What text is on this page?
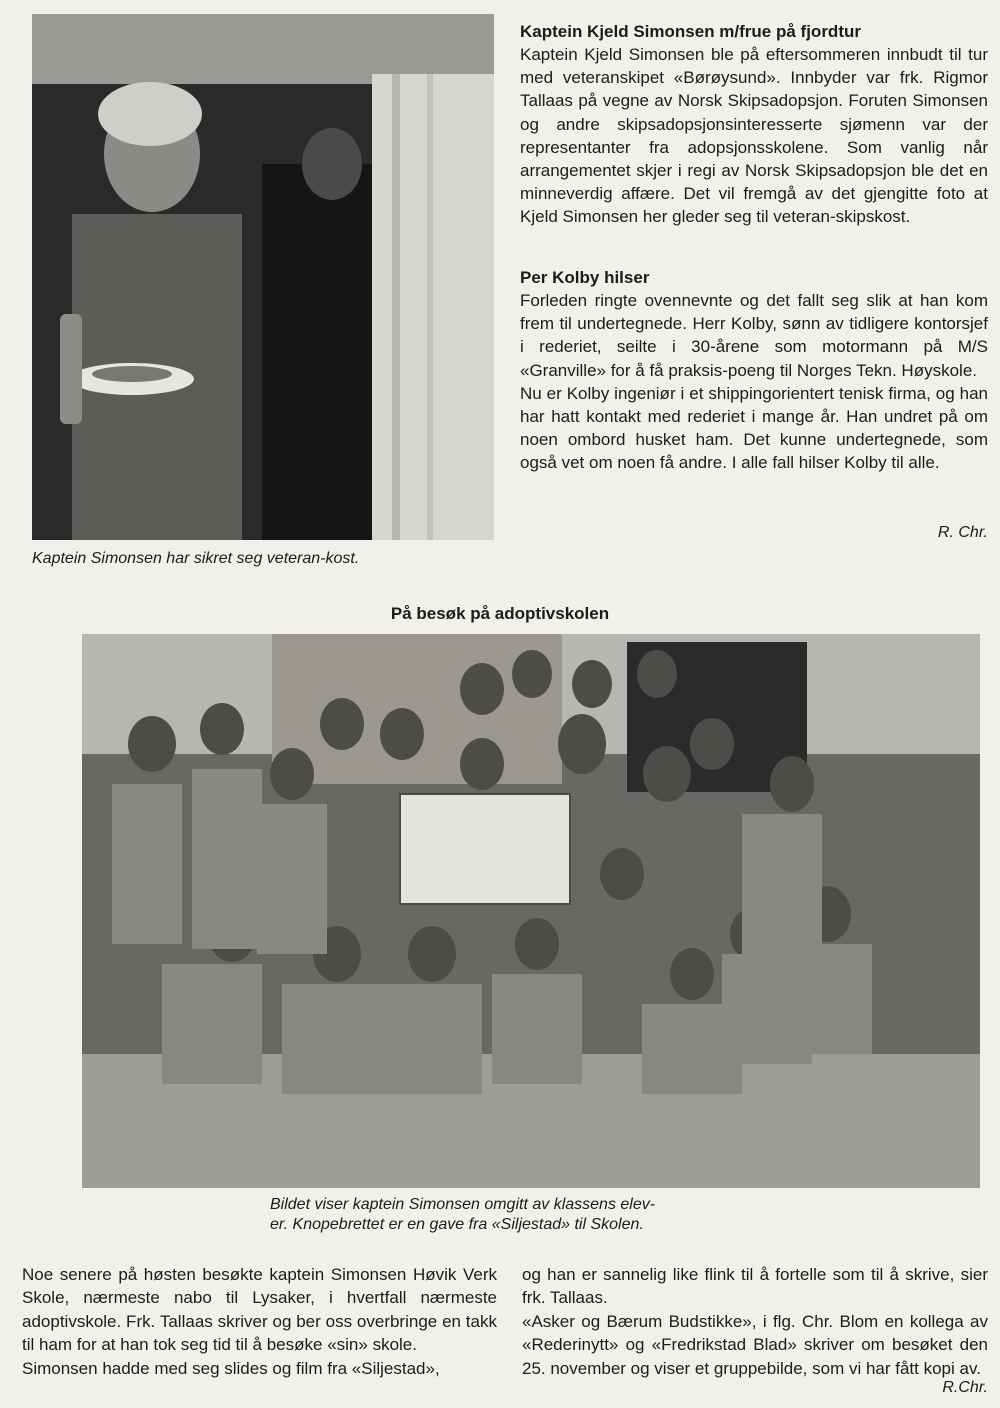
Kaptein Simonsen har sikret seg veteran-kost.
Kaptein Kjeld Simonsen m/frue på fjordtur

Kaptein Kjeld Simonsen ble på eftersommeren innbudt til tur med veteranskipet «Børøysund». Innbyder var frk. Rigmor Tallaas på vegne av Norsk Skipsadopsjon. Foruten Simonsen og andre skipsadopsjonsinteresserte sjømenn var der representanter fra adopsjonsskolene. Som vanlig når arrangementet skjer i regi av Norsk Skipsadopsjon ble det en minneverdig affære. Det vil fremgå av det gjengitte foto at Kjeld Simonsen her gleder seg til veteran-skipskost.

Per Kolby hilser

Forleden ringte ovennevnte og det fallt seg slik at han kom frem til undertegnede. Herr Kolby, sønn av tidligere kontorsjef i rederiet, seilte i 30-årene som motormann på M/S «Granville» for å få praksis-poeng til Norges Tekn. Høyskole.

Nu er Kolby ingeniør i et shippingorientert tenisk firma, og han har hatt kontakt med rederiet i mange år. Han undret på om noen ombord husket ham. Det kunne undertegnede, som også vet om noen få andre. I alle fall hilser Kolby til alle.

R. Chr.
På besøk på adoptivskolen
Bildet viser kaptein Simonsen omgitt av klassens elev-
er. Knopebrettet er en gave fra «Siljestad» til Skolen.

Noe senere på høsten besøkte kaptein Simonsen Høvik Verk Skole, nærmeste nabo til Lysaker, i hvertfall nærmeste adoptivskole. Frk. Tallaas skriver og ber oss overbringe en takk til ham for at han tok seg tid til å besøke «sin» skole.

Simonsen hadde med seg slides og film fra «Siljestad»,

og han er sannelig like flink til å fortelle som til å skrive, sier frk. Tallaas.

«Asker og Bærum Budstikke», i flg. Chr. Blom en kollega av «Rederinytt» og «Fredrikstad Blad» skriver om besøket den 25. november og viser et gruppebilde, som vi har fått kopi av.

R.Chr.
